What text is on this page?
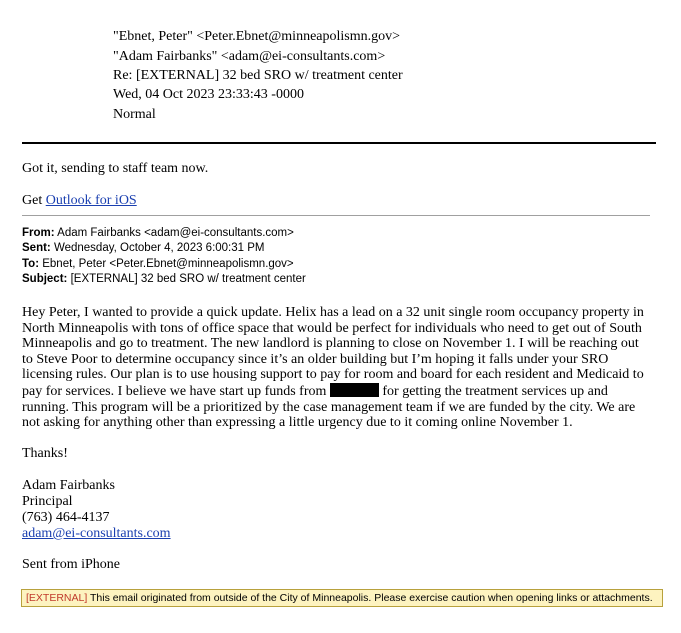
"Ebnet, Peter" <Peter.Ebnet@minneapolismn.gov>
"Adam Fairbanks" <adam@ei-consultants.com>
Re: [EXTERNAL] 32 bed SRO w/ treatment center
Wed, 04 Oct 2023 23:33:43 -0000
Normal
Got it, sending to staff team now.
Get Outlook for iOS
From: Adam Fairbanks <adam@ei-consultants.com>
Sent: Wednesday, October 4, 2023 6:00:31 PM
To: Ebnet, Peter <Peter.Ebnet@minneapolismn.gov>
Subject: [EXTERNAL] 32 bed SRO w/ treatment center

Hey Peter, I wanted to provide a quick update. Helix has a lead on a 32 unit single room occupancy property in North Minneapolis with tons of office space that would be perfect for individuals who need to get out of South Minneapolis and go to treatment. The new landlord is planning to close on November 1. I will be reaching out to Steve Poor to determine occupancy since it’s an older building but I’m hoping it falls under your SRO licensing rules. Our plan is to use housing support to pay for room and board for each resident and Medicaid to pay for services. I believe we have start up funds from	for getting the treatment services up and running. This program will be a prioritized by the case management team if we are funded by the city. We are not asking for anything other than expressing a little urgency due to it coming online November 1.

Thanks!
Adam Fairbanks
Principal
(763) 464-4137
adam@ei-consultants.com
Sent from iPhone
[EXTERNAL] This email originated from outside of the City of Minneapolis. Please exercise caution when opening links or attachments.
